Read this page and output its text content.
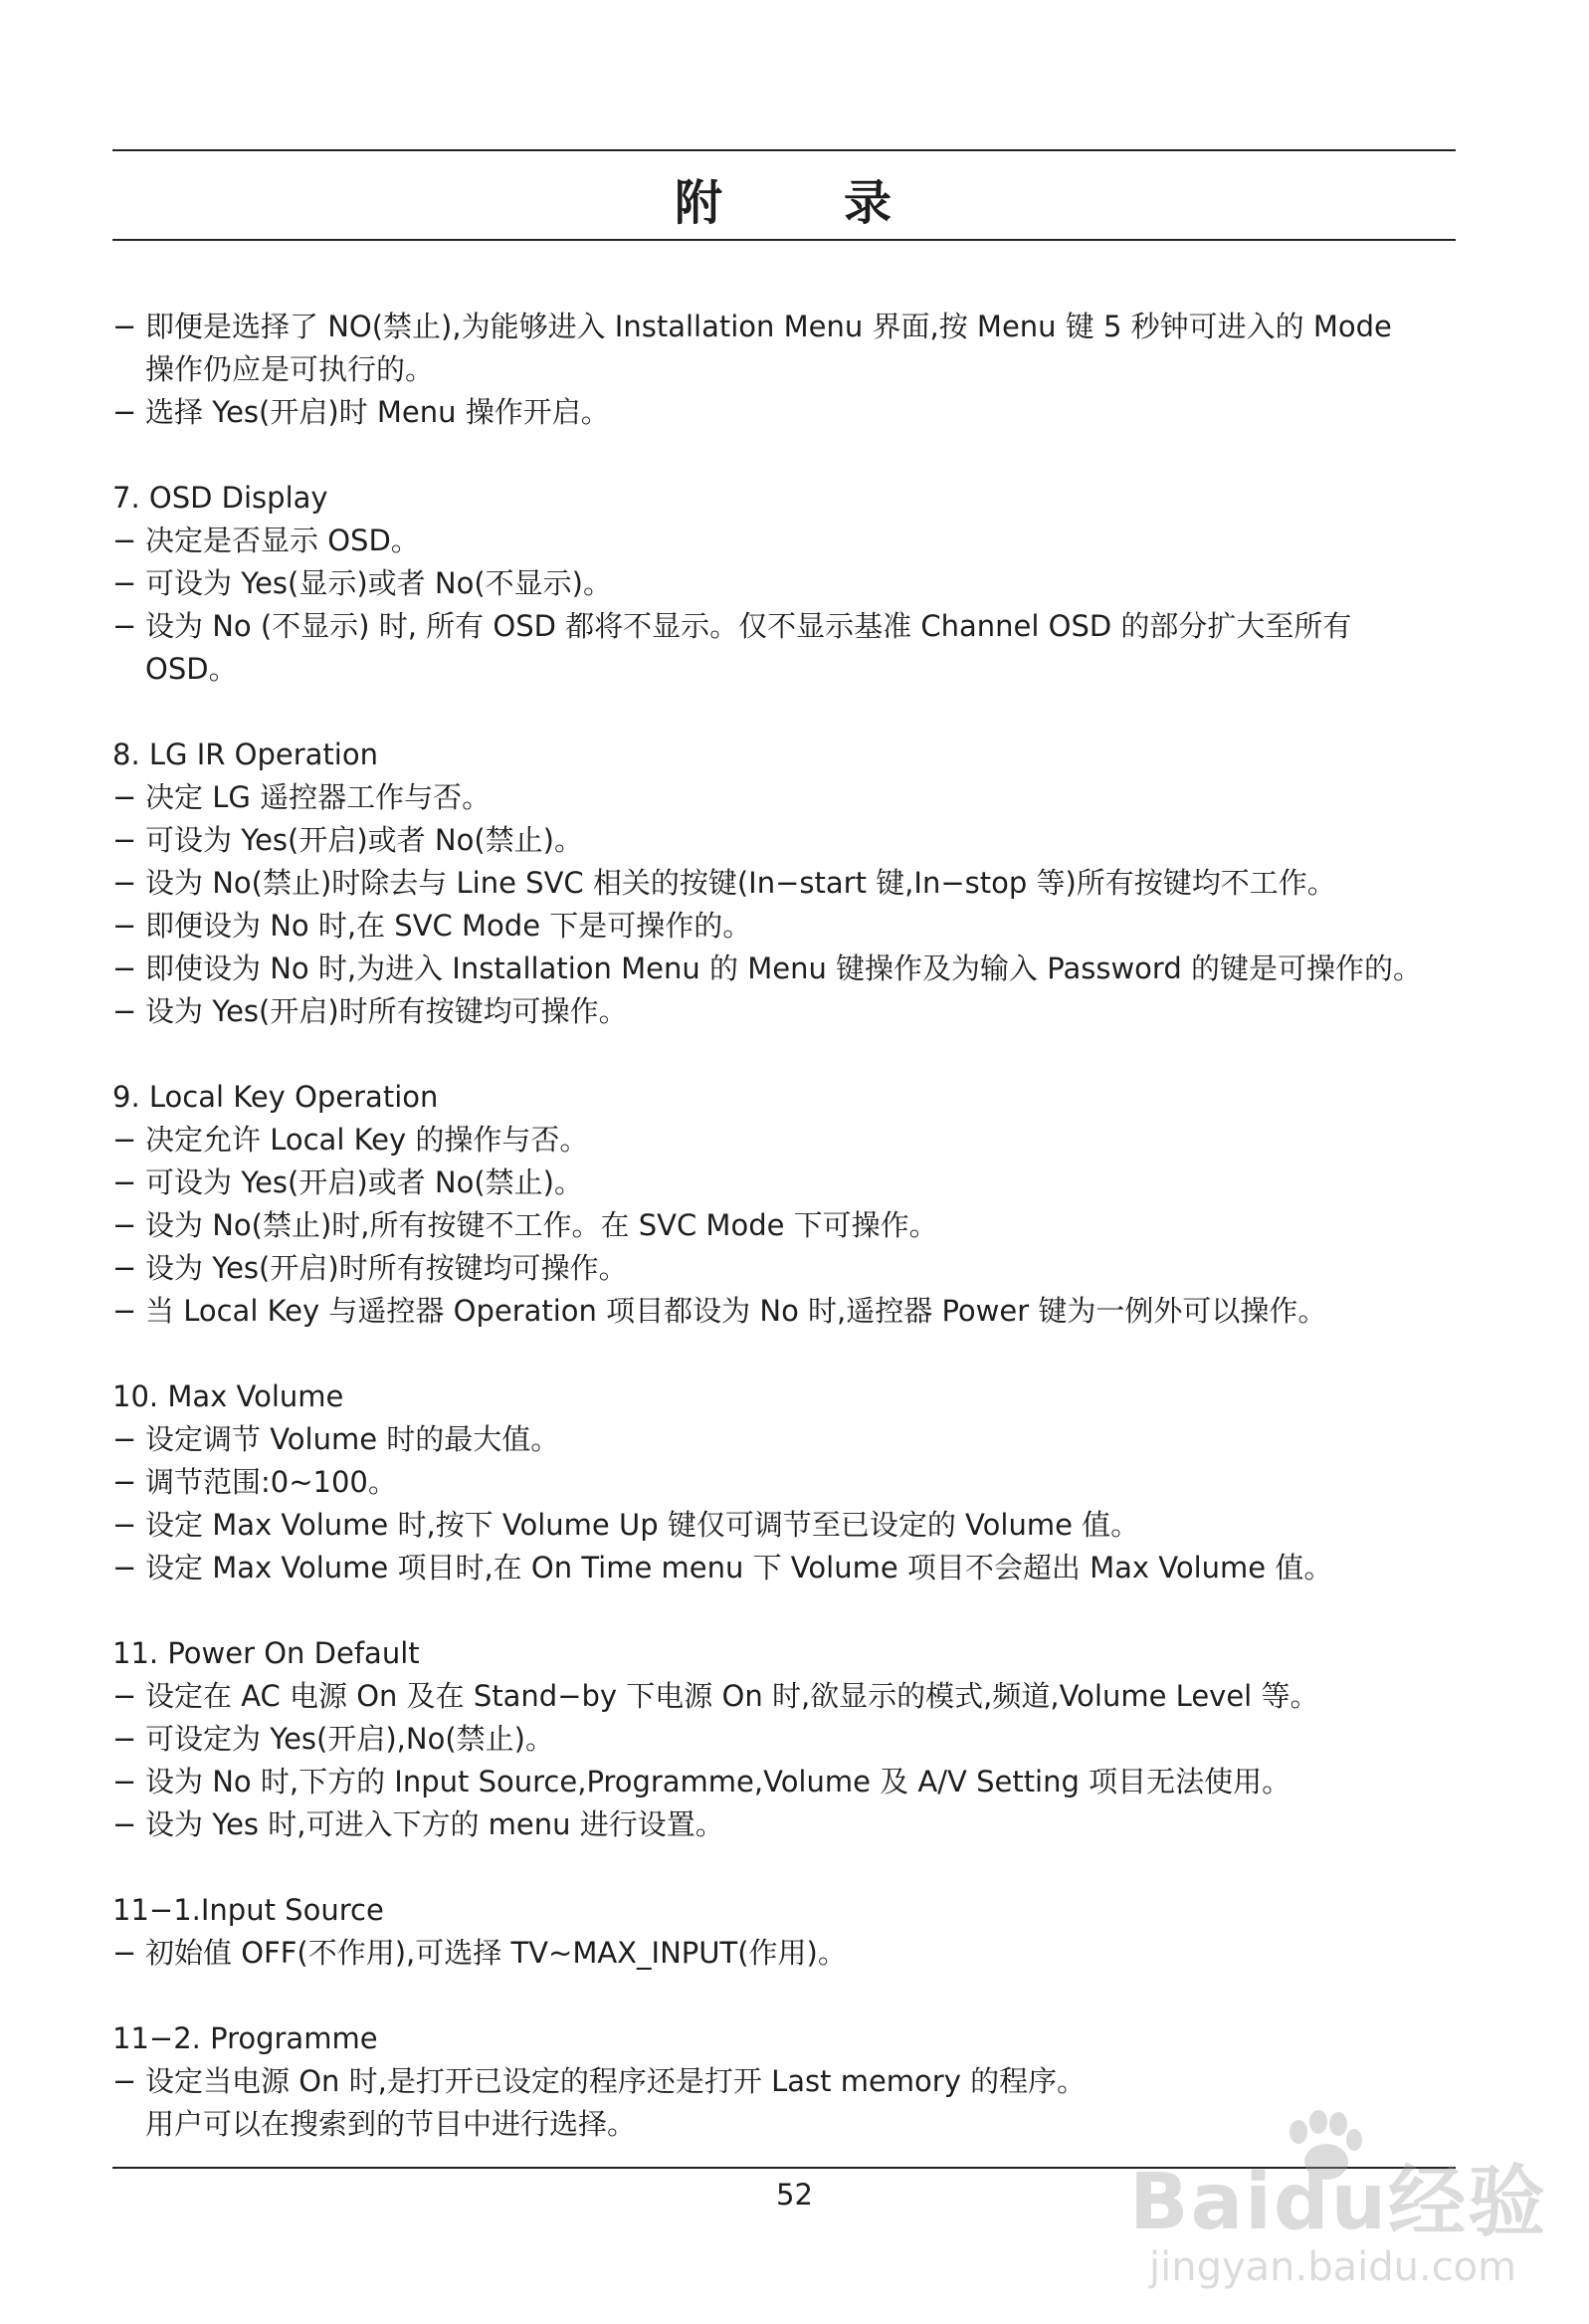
附	录
− 即便是选择了 NO(禁止),为能够进入 Installation Menu 界面,按 Menu 键 5 秒钟可进入的 Mode
操作仍应是可执行的。
− 选择 Yes(开启)时 Menu 操作开启。
7. OSD Display
− 决定是否显示 OSD。
− 可设为 Yes(显示)或者 No(不显示)。
− 设为 No (不显示) 时, 所有 OSD 都将不显示。仅不显示基准 Channel OSD 的部分扩大至所有
OSD。
8. LG IR Operation
− 决定 LG 遥控器工作与否。
− 可设为 Yes(开启)或者 No(禁止)。
− 设为 No(禁止)时除去与 Line SVC 相关的按键(In−start 键,In−stop 等)所有按键均不工作。
− 即便设为 No 时,在 SVC Mode 下是可操作的。
− 即使设为 No 时,为进入 Installation Menu 的 Menu 键操作及为输入 Password 的键是可操作的。
− 设为 Yes(开启)时所有按键均可操作。
9. Local Key Operation
− 决定允许 Local Key 的操作与否。
− 可设为 Yes(开启)或者 No(禁止)。
− 设为 No(禁止)时,所有按键不工作。在 SVC Mode 下可操作。
− 设为 Yes(开启)时所有按键均可操作。
− 当 Local Key 与遥控器 Operation 项目都设为 No 时,遥控器 Power 键为一例外可以操作。
10. Max Volume
− 设定调节 Volume 时的最大值。
− 调节范围:0~100。
− 设定 Max Volume 时,按下 Volume Up 键仅可调节至已设定的 Volume 值。
− 设定 Max Volume 项目时,在 On Time menu 下 Volume 项目不会超出 Max Volume 值。
11. Power On Default
− 设定在 AC 电源 On 及在 Stand−by 下电源 On 时,欲显示的模式,频道,Volume Level 等。
− 可设定为 Yes(开启),No(禁止)。
− 设为 No 时,下方的 Input Source,Programme,Volume 及 A/V Setting 项目无法使用。
− 设为 Yes 时,可进入下方的 menu 进行设置。
11−1.Input Source
− 初始值 OFF(不作用),可选择 TV~MAX_INPUT(作用)。
11−2. Programme
− 设定当电源 On 时,是打开已设定的程序还是打开 Last memory 的程序。
用户可以在搜索到的节目中进行选择。
52	Baidu经验
jingyan.baidu.com
